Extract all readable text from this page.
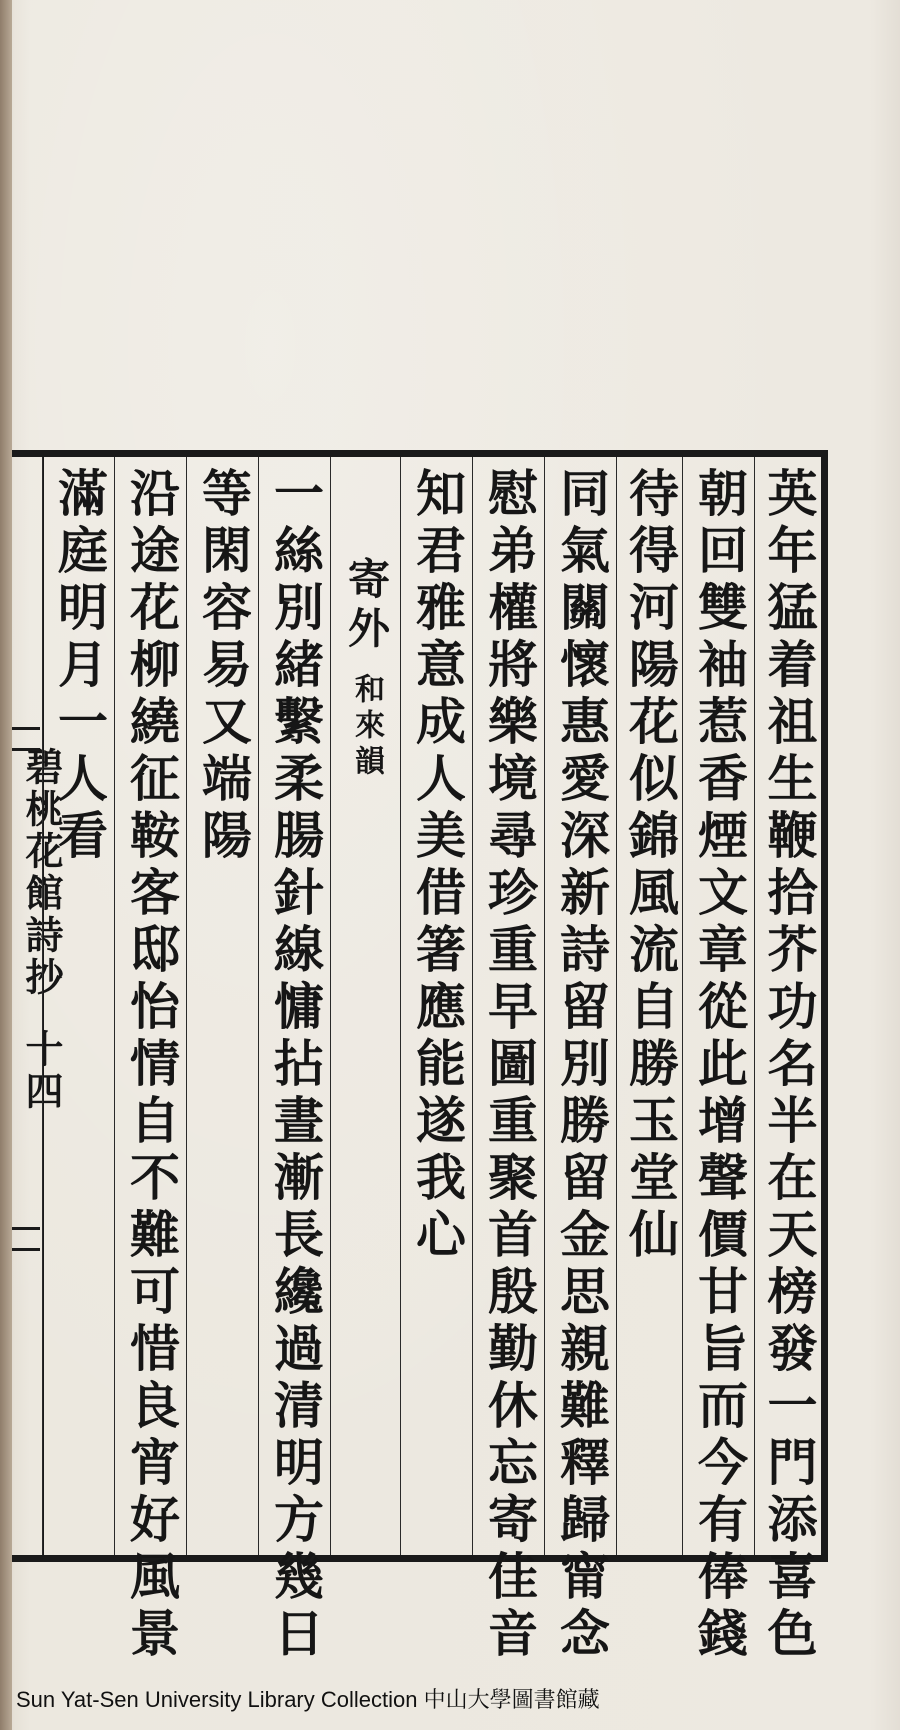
碧桃花館詩抄十四
滿庭明月一人看 沿途花柳繞征鞍客邸怡情自不難可惜良宵好風景 等閑容易又端陽 一絲別緒繫柔腸針線慵拈晝漸長纔過清明方幾日 寄外和來韻 知君雅意成人美借箸應能遂我心 慰弟權將樂境尋珍重早圖重聚首殷勤休忘寄佳音 同氣關懷惠愛深新詩留別勝留金思親難釋歸甯念 待得河陽花似錦風流自勝玉堂仙 朝回雙袖惹香煙文章從此增聲價甘旨而今有俸錢 英年猛着祖生鞭拾芥功名半在天榜發一門添喜色
Sun Yat-Sen University Library Collection 中山大學圖書館藏
